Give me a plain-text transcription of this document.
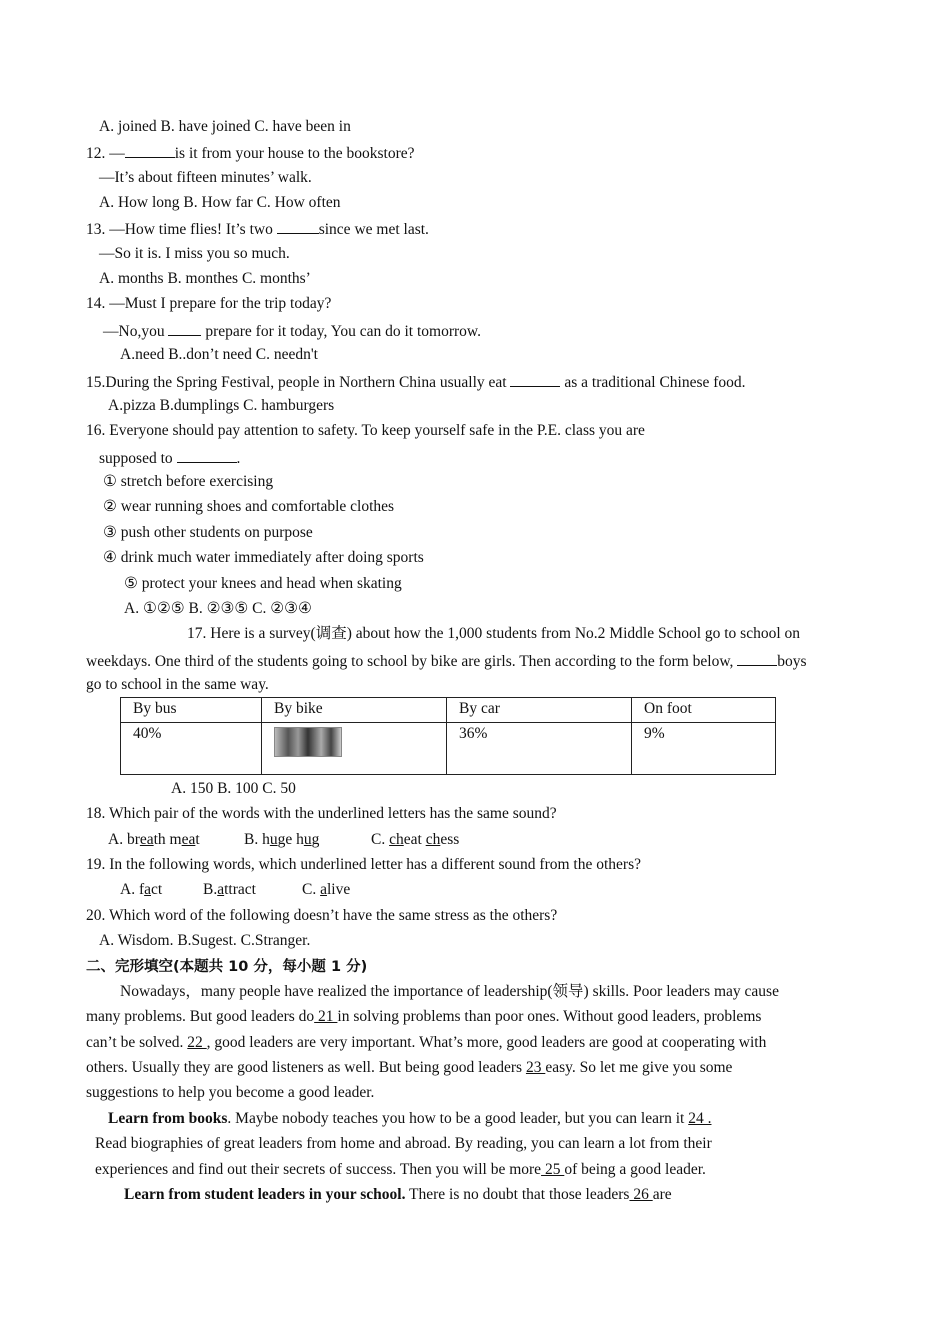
A. joined B. have joined C. have been in
12. —	is it from your house to the bookstore?
—It’s about fifteen minutes’ walk.
A. How long B. How far C. How often
13. —How time flies! It’s two	since we met last.
—So it is. I miss you so much.
A. months B. monthes C. months’
14. —Must I prepare for the trip today?
—No,you  prepare for it today, You can do it tomorrow.
A.need B..don’t need C. needn't
15.During the Spring Festival, people in Northern China usually eat	as a traditional Chinese food.
A.pizza B.dumplings C. hamburgers
16. Everyone should pay attention to safety. To keep yourself safe in the P.E. class you are
supposed to	.
① stretch before exercising
② wear running shoes and comfortable clothes
③ push other students on purpose
④ drink much water immediately after doing sports
⑤ protect your knees and head when skating
A. ①②⑤ B. ②③⑤ C. ②③④
17. Here is a survey(调查) about how the 1,000 students from No.2 Middle School go to school on
weekdays. One third of the students going to school by bike are girls. Then according to the form below,	boys
go to school in the same way.
By bus	By bike	By car	On foot
40%		36%	9%
A. 150 B. 100 C. 50
18. Which pair of the words with the underlined letters has the same sound?
A. breath meat	B. huge hug	C. cheat chess
19. In the following words, which underlined letter has a different sound from the others?
A. fact	B.attract	C. alive
20. Which word of the following doesn’t have the same stress as the others?
A. Wisdom. B.Sugest. C.Stranger.
二、完形填空(本题共 10 分，每小题 1 分)
Nowadays，many people have realized the importance of leadership(领导) skills. Poor leaders may cause
many problems. But good leaders do 21 in solving problems than poor ones. Without good leaders, problems
can’t be solved. 22 , good leaders are very important. What’s more, good leaders are good at cooperating with
others. Usually they are good listeners as well. But being good leaders 23 easy. So let me give you some
suggestions to help you become a good leader.
Learn from books. Maybe nobody teaches you how to be a good leader, but you can learn it 24 .
Read biographies of great leaders from home and abroad. By reading, you can learn a lot from their
experiences and find out their secrets of success. Then you will be more 25 of being a good leader.
Learn from student leaders in your school. There is no doubt that those leaders 26 are
